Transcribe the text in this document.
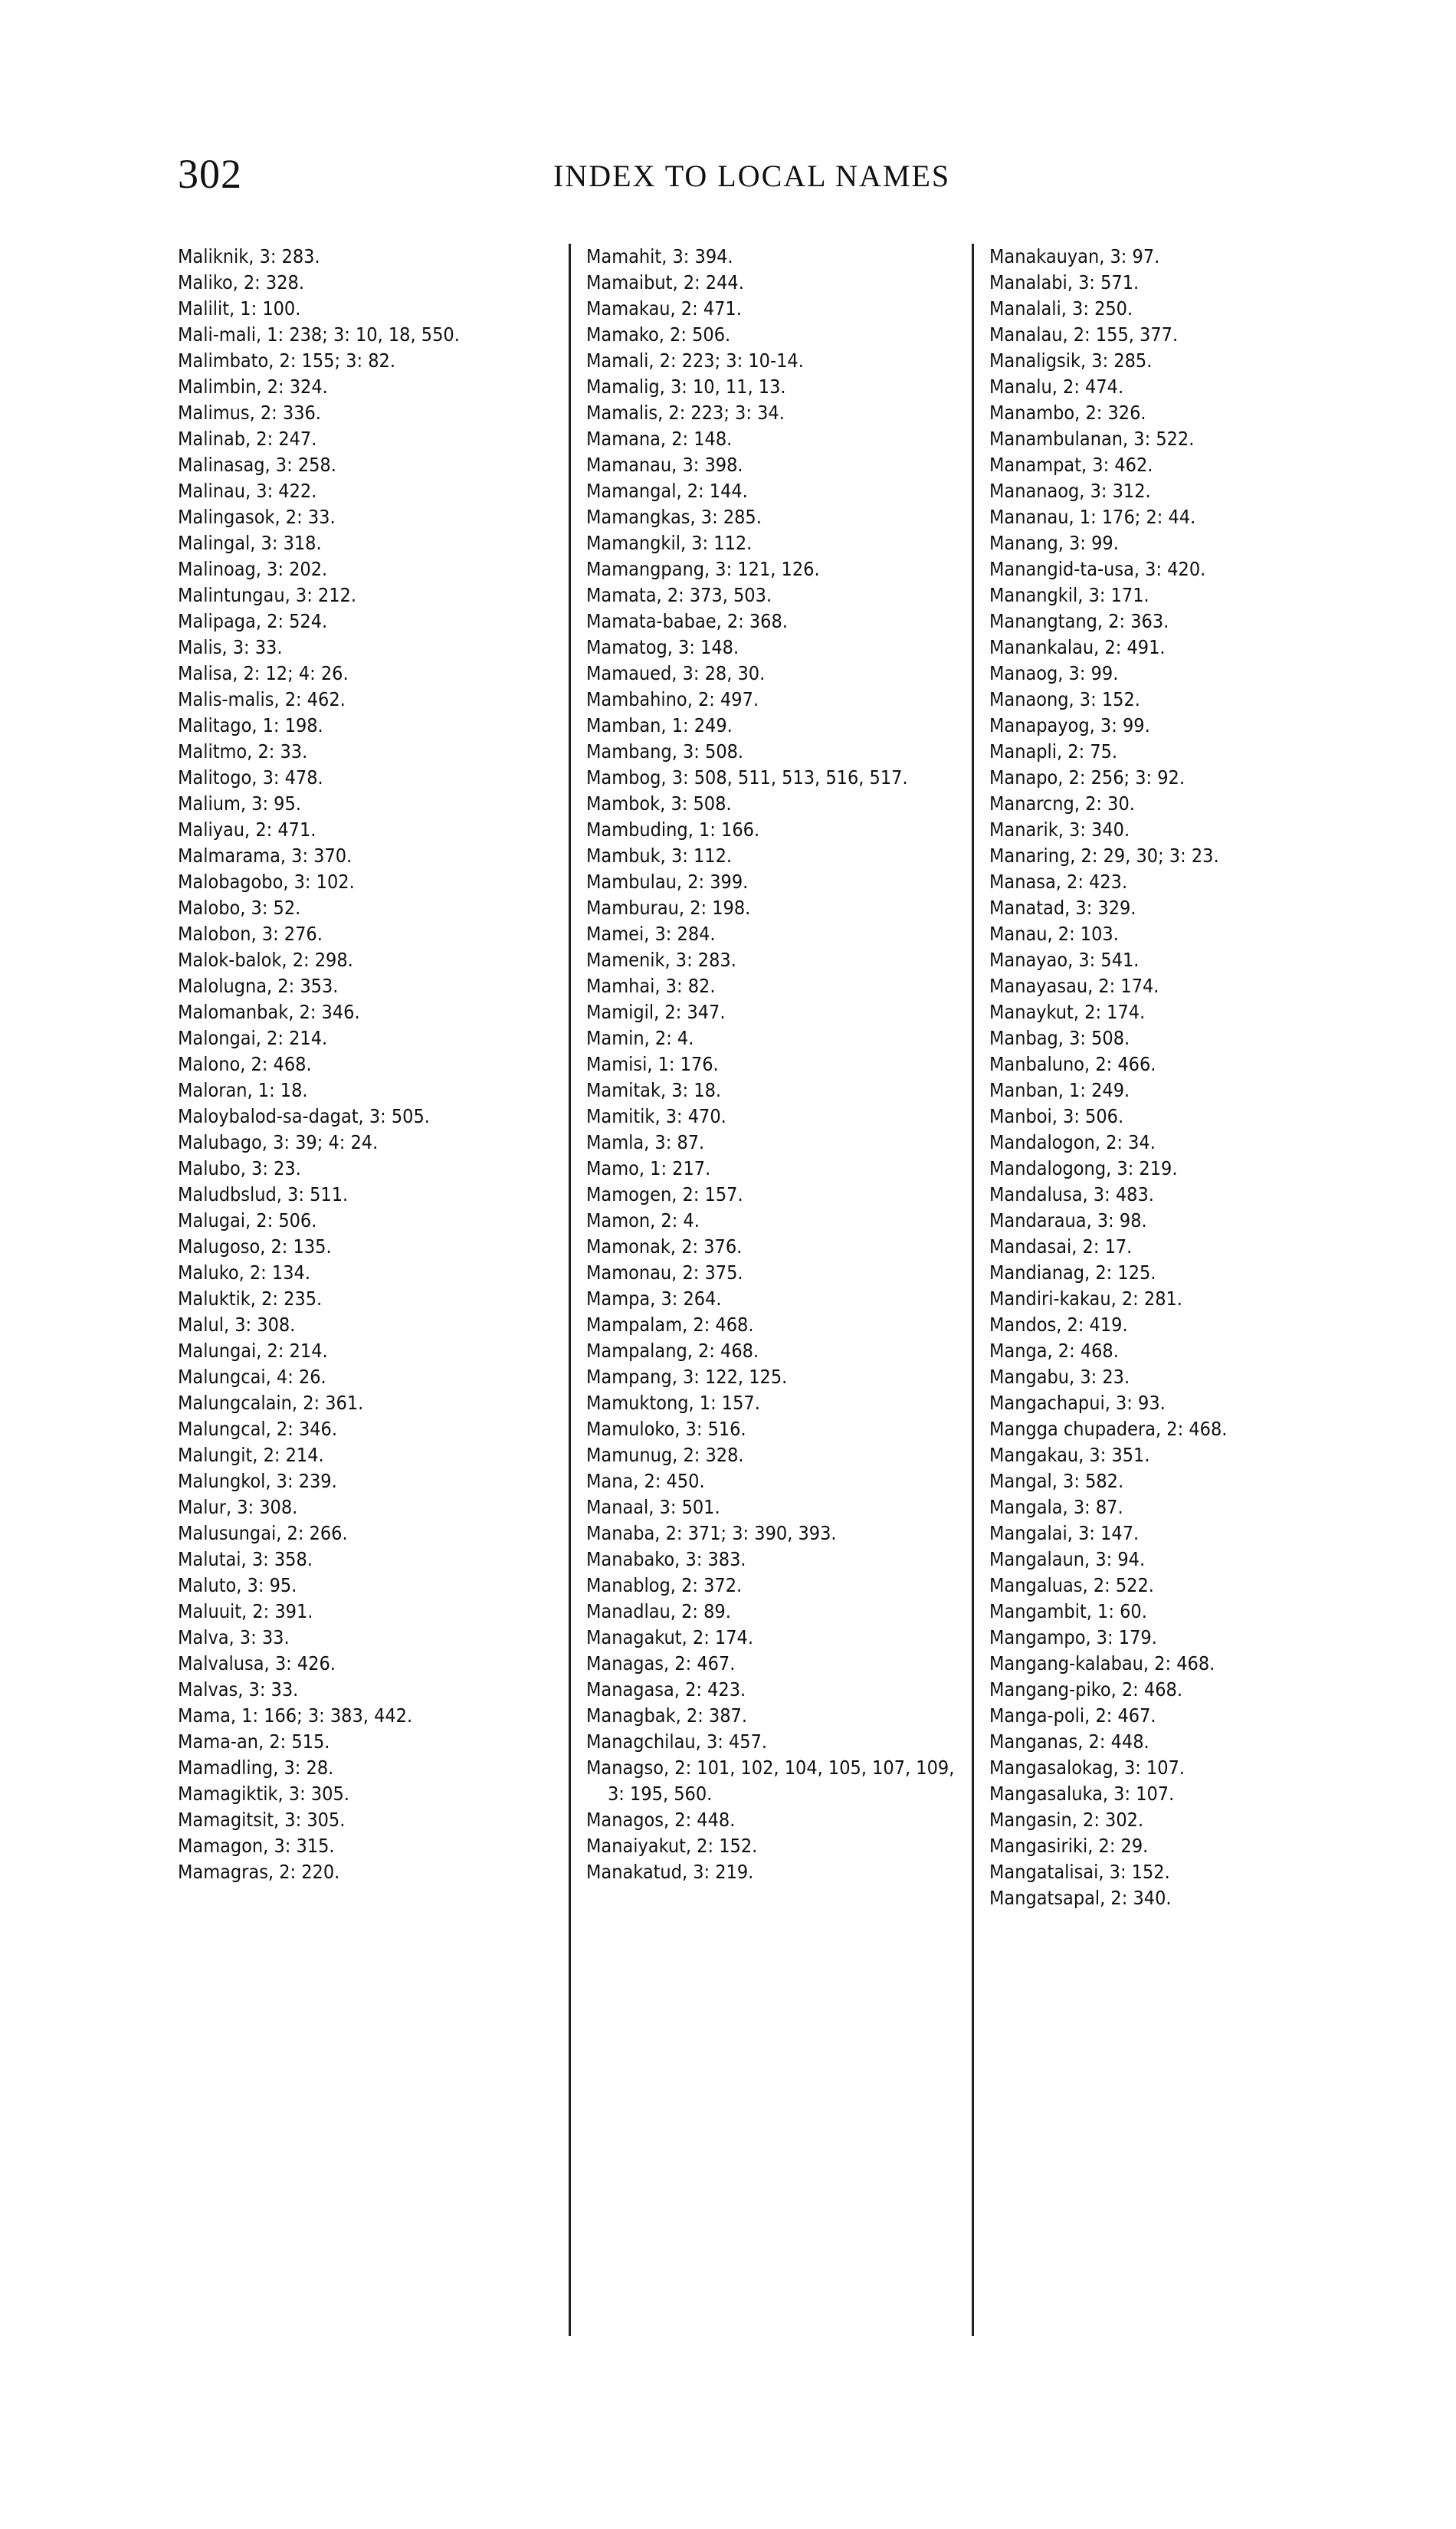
302	INDEX TO LOCAL NAMES
Maliknik, 3: 283.
Maliko, 2: 328.
Malilit, 1: 100.
Mali-mali, 1: 238; 3: 10, 18, 550.
Malimbato, 2: 155; 3: 82.
Malimbin, 2: 324.
Malimus, 2: 336.
Malinab, 2: 247.
Malinasag, 3: 258.
Malinau, 3: 422.
Malingasok, 2: 33.
Malingal, 3: 318.
Malinoag, 3: 202.
Malintungau, 3: 212.
Malipaga, 2: 524.
Malis, 3: 33.
Malisa, 2: 12; 4: 26.
Malis-malis, 2: 462.
Malitago, 1: 198.
Malitmo, 2: 33.
Malitogo, 3: 478.
Malium, 3: 95.
Maliyau, 2: 471.
Malmarama, 3: 370.
Malobagobo, 3: 102.
Malobo, 3: 52.
Malobon, 3: 276.
Malok-balok, 2: 298.
Malolugna, 2: 353.
Malomanbak, 2: 346.
Malongai, 2: 214.
Malono, 2: 468.
Maloran, 1: 18.
Maloybalod-sa-dagat, 3: 505.
Malubago, 3: 39; 4: 24.
Malubo, 3: 23.
Maludbslud, 3: 511.
Malugai, 2: 506.
Malugoso, 2: 135.
Maluko, 2: 134.
Maluktik, 2: 235.
Malul, 3: 308.
Malungai, 2: 214.
Malungcai, 4: 26.
Malungcalain, 2: 361.
Malungcal, 2: 346.
Malungit, 2: 214.
Malungkol, 3: 239.
Malur, 3: 308.
Malusungai, 2: 266.
Malutai, 3: 358.
Maluto, 3: 95.
Maluuit, 2: 391.
Malva, 3: 33.
Malvalusa, 3: 426.
Malvas, 3: 33.
Mama, 1: 166; 3: 383, 442.
Mama-an, 2: 515.
Mamadling, 3: 28.
Mamagiktik, 3: 305.
Mamagitsit, 3: 305.
Mamagon, 3: 315.
Mamagras, 2: 220.
Mamahit, 3: 394.
Mamaibut, 2: 244.
Mamakau, 2: 471.
Mamako, 2: 506.
Mamali, 2: 223; 3: 10-14.
Mamalig, 3: 10, 11, 13.
Mamalis, 2: 223; 3: 34.
Mamana, 2: 148.
Mamanau, 3: 398.
Mamangal, 2: 144.
Mamangkas, 3: 285.
Mamangkil, 3: 112.
Mamangpang, 3: 121, 126.
Mamata, 2: 373, 503.
Mamata-babae, 2: 368.
Mamatog, 3: 148.
Mamaued, 3: 28, 30.
Mambahino, 2: 497.
Mamban, 1: 249.
Mambang, 3: 508.
Mambog, 3: 508, 511, 513, 516, 517.
Mambok, 3: 508.
Mambuding, 1: 166.
Mambuk, 3: 112.
Mambulau, 2: 399.
Mamburau, 2: 198.
Mamei, 3: 284.
Mamenik, 3: 283.
Mamhai, 3: 82.
Mamigil, 2: 347.
Mamin, 2: 4.
Mamisi, 1: 176.
Mamitak, 3: 18.
Mamitik, 3: 470.
Mamla, 3: 87.
Mamo, 1: 217.
Mamogen, 2: 157.
Mamon, 2: 4.
Mamonak, 2: 376.
Mamonau, 2: 375.
Mampa, 3: 264.
Mampalam, 2: 468.
Mampalang, 2: 468.
Mampang, 3: 122, 125.
Mamuktong, 1: 157.
Mamuloko, 3: 516.
Mamunug, 2: 328.
Mana, 2: 450.
Manaal, 3: 501.
Manaba, 2: 371; 3: 390, 393.
Manabako, 3: 383.
Manablog, 2: 372.
Manadlau, 2: 89.
Managakut, 2: 174.
Managas, 2: 467.
Managasa, 2: 423.
Managbak, 2: 387.
Managchilau, 3: 457.
Managso, 2: 101, 102, 104, 105, 107, 109, 3: 195, 560.
Managos, 2: 448.
Manaiyakut, 2: 152.
Manakatud, 3: 219.
Manakauyan, 3: 97.
Manalabi, 3: 571.
Manalali, 3: 250.
Manalau, 2: 155, 377.
Manaligsik, 3: 285.
Manalu, 2: 474.
Manambo, 2: 326.
Manambulanan, 3: 522.
Manampat, 3: 462.
Mananaog, 3: 312.
Mananau, 1: 176; 2: 44.
Manang, 3: 99.
Manangid-ta-usa, 3: 420.
Manangkil, 3: 171.
Manangtang, 2: 363.
Manankalau, 2: 491.
Manaog, 3: 99.
Manaong, 3: 152.
Manapayog, 3: 99.
Manapli, 2: 75.
Manapo, 2: 256; 3: 92.
Manarcng, 2: 30.
Manarik, 3: 340.
Manaring, 2: 29, 30; 3: 23.
Manasa, 2: 423.
Manatad, 3: 329.
Manau, 2: 103.
Manayao, 3: 541.
Manayasau, 2: 174.
Manaykut, 2: 174.
Manbag, 3: 508.
Manbaluno, 2: 466.
Manban, 1: 249.
Manboi, 3: 506.
Mandalogon, 2: 34.
Mandalogong, 3: 219.
Mandalusa, 3: 483.
Mandaraua, 3: 98.
Mandasai, 2: 17.
Mandianag, 2: 125.
Mandiri-kakau, 2: 281.
Mandos, 2: 419.
Manga, 2: 468.
Mangabu, 3: 23.
Mangachapui, 3: 93.
Mangga chupadera, 2: 468.
Mangakau, 3: 351.
Mangal, 3: 582.
Mangala, 3: 87.
Mangalai, 3: 147.
Mangalaun, 3: 94.
Mangaluas, 2: 522.
Mangambit, 1: 60.
Mangampo, 3: 179.
Mangang-kalabau, 2: 468.
Mangang-piko, 2: 468.
Manga-poli, 2: 467.
Manganas, 2: 448.
Mangasalokag, 3: 107.
Mangasaluka, 3: 107.
Mangasin, 2: 302.
Mangasiriki, 2: 29.
Mangatalisai, 3: 152.
Mangatsapal, 2: 340.
